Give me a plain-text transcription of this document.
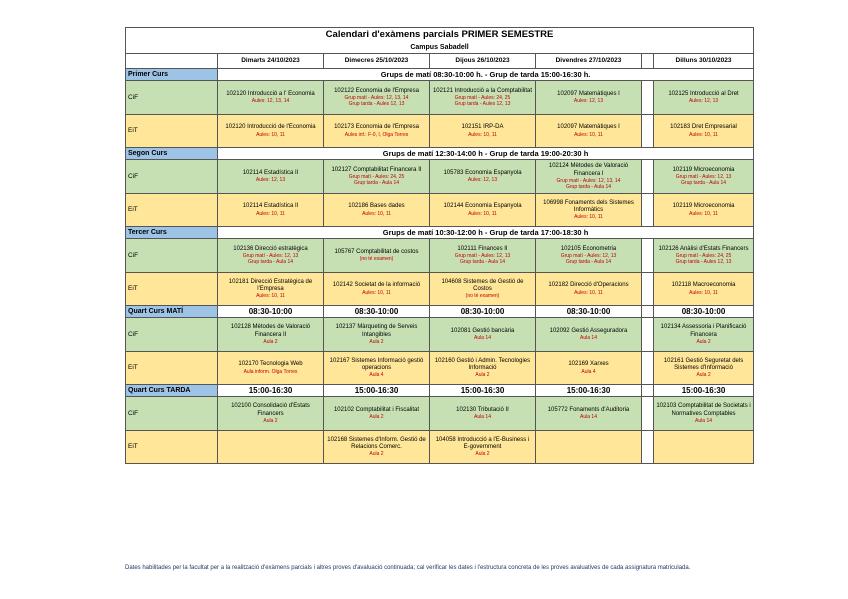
Calendari d'exàmens parcials PRIMER SEMESTRE						
Campus Sabadell						
	Dimarts 24/10/2023	Dimecres 25/10/2023	Dijous 26/10/2023	Divendres 27/10/2023		Dilluns 30/10/2023
Primer Curs	Grups de matí 08:30-10:00 h. - Grup de tarda 15:00-16:30 h.					
CiF	102120 Introducció a l' Economia
Aules: 12, 13, 14	102122 Economia de l'Empresa
Grup matí - Aules: 12, 13, 14
Grup tarda - Aules 12, 13	102121 Introducció a la Comptabilitat
Grup matí - Aules: 24, 25
Grup tarda - Aules 12, 13	102097 Matemàtiques I
Aules: 12, 13		102125 Introducció al Dret
Aules: 12, 13

EiT	102120 Introducció de l'Economia
Aules: 10, 11	102173 Economia de l'Empresa
Aules inf.: F-0, I, Olga Torres	102151 IRP-DA
Aules: 10, 11	102097 Matemàtiques I
Aules: 10, 11		102183 Dret Empresarial
Aules: 10, 11

Segon Curs	Grups de matí 12:30-14:00 h - Grup de tarda 19:00-20:30 h					
CiF	102114 Estadística II
Aules: 12, 13	102127 Comptabilitat Financera II
Grup matí - Aules: 24, 25
Grup tarda - Aula 14	105783 Economia Espanyola
Aules: 12, 13	102124 Mètodes de Valoració Financera I
Grup matí - Aules: 12, 13, 14
Grup tarda - Aula 14		102119 Microeconomia
Grup matí - Aules: 12, 13
Grup tarda - Aula 14

EiT	102114 Estadística II
Aules: 10, 11	102186 Bases dades
Aules: 10, 11	102144 Economia Espanyola
Aules: 10, 11	106998 Fonaments dels Sistemes Informàtics
Aules: 10, 11		102119 Microeconomia
Aules: 10, 11

Tercer Curs	Grups de matí 10:30-12:00 h - Grup de tarda 17:00-18:30 h					
CiF	102136 Direcció estratègica
Grup matí - Aules: 12, 13
Grup tarda - Aula 14	105767 Comptabilitat de costos
(no té examen)	102111 Finances II
Grup matí - Aules: 12, 13
Grup tarda - Aula 14	102105 Econometria
Grup matí - Aules: 12, 13
Grup tarda - Aula 14		102126 Anàlisi d'Estats Financers
Grup matí - Aules: 24, 25
Grup tarda - Aules 12, 13

EiT	102181 Direcció Estratègica de l'Empresa
Aules: 10, 11	102142 Societat de la informació
Aules: 10, 11	104608 Sistemes de Gestió de Costos
(no té examen)	102182 Direcció d'Operacions
Aules: 10, 11		102118 Macroeconomia
Aules: 10, 11

Quart Curs MATÍ	08:30-10:00	08:30-10:00	08:30-10:00	08:30-10:00		08:30-10:00
CiF	102128 Mètodes de Valoració Financera II
Aula 2	102137 Màrqueting de Serveis Intangibles
Aula 2	102081 Gestió bancària
Aula 14	102092 Gestió Asseguradora
Aula 14		102134 Assessoria i Planificació Financera
Aula 2

EiT	102170 Tecnologia Web
Aula inform. Olga Torres	102167 Sistemes Informació gestió operacions
Aula 4	102160 Gestió i Admin. Tecnologies Informació
Aula 2	102169 Xarxes
Aula 4		102161 Gestió Seguretat dels Sistemes d'Informació
Aula 2

Quart Curs TARDA	15:00-16:30	15:00-16:30	15:00-16:30	15:00-16:30		15:00-16:30
CiF	102100 Consolidació d'Estats Financers
Aula 2	102102 Comptabilitat i Fiscalitat
Aula 2	102130 Tributació II
Aula 14	105772 Fonaments d'Auditoria
Aula 14		102103 Comptabilitat de Societats i Normatives Comptables
Aula 14

EiT		102168 Sistemes d'Inform. Gestió de Relacions Comerc.
Aula 2	104058 Introducció a l'E-Business i E-government
Aula 2			

Dates habilitades per la facultat per a la realització d'exàmens parcials i altres proves d'avaluació continuada; cal verificar les dates i l'estructura concreta de les proves avaluatives de cada assignatura matriculada.
